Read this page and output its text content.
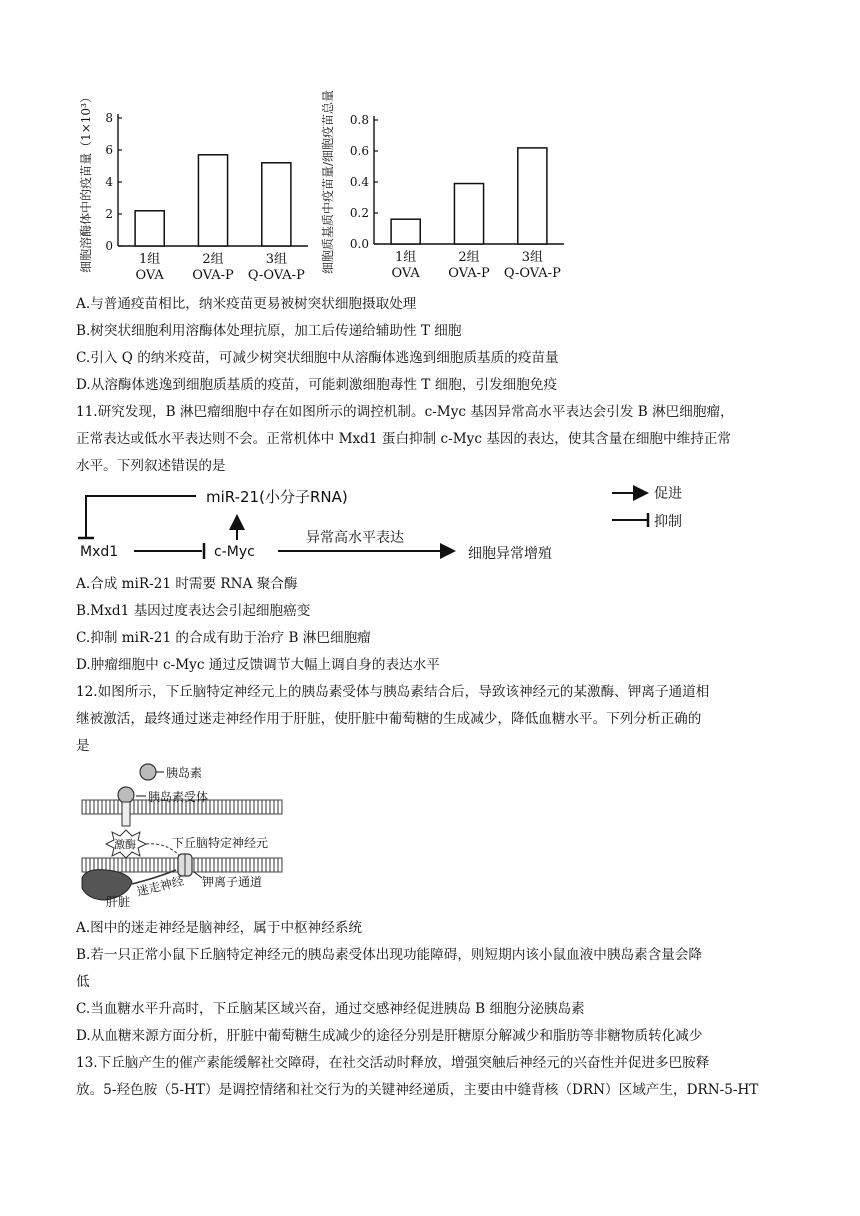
细胞溶酶体中的疫苗量（1×10³） 0
2
4
6
8
1组
OVA
2组
OVA-P
3组
Q-OVA-P
细胞质基质中疫苗量/细胞疫苗总量 0.0
0.2
0.4
0.6
0.8
1组
OVA
2组
OVA-P
3组
Q-OVA-P
A.与普通疫苗相比，纳米疫苗更易被树突状细胞摄取处理
B.树突状细胞利用溶酶体处理抗原，加工后传递给辅助性 T 细胞
C.引入 Q 的纳米疫苗，可减少树突状细胞中从溶酶体逃逸到细胞质基质的疫苗量
D.从溶酶体逃逸到细胞质基质的疫苗，可能刺激细胞毒性 T 细胞，引发细胞免疫
11.研究发现，B 淋巴瘤细胞中存在如图所示的调控机制。c-Myc 基因异常高水平表达会引发 B 淋巴细胞瘤，
正常表达或低水平表达则不会。正常机体中 Mxd1 蛋白抑制 c-Myc 基因的表达，使其含量在细胞中维持正常
水平。下列叙述错误的是
miR-21(小分子RNA)
Mxd1	c-Myc
异常高水平表达
细胞异常增殖
促进
抑制
A.合成 miR-21 时需要 RNA 聚合酶
B.Mxd1 基因过度表达会引起细胞癌变
C.抑制 miR-21 的合成有助于治疗 B 淋巴细胞瘤
D.肿瘤细胞中 c-Myc 通过反馈调节大幅上调自身的表达水平
12.如图所示，下丘脑特定神经元上的胰岛素受体与胰岛素结合后，导致该神经元的某激酶、钾离子通道相
继被激活，最终通过迷走神经作用于肝脏，使肝脏中葡萄糖的生成减少，降低血糖水平。下列分析正确的
是
胰岛素
胰岛素受体
激酶	下丘脑特定神经元
钾离子通道
迷走神经
肝脏
A.图中的迷走神经是脑神经，属于中枢神经系统
B.若一只正常小鼠下丘脑特定神经元的胰岛素受体出现功能障碍，则短期内该小鼠血液中胰岛素含量会降
低
C.当血糖水平升高时，下丘脑某区域兴奋，通过交感神经促进胰岛 B 细胞分泌胰岛素
D.从血糖来源方面分析，肝脏中葡萄糖生成减少的途径分别是肝糖原分解减少和脂肪等非糖物质转化减少
13.下丘脑产生的催产素能缓解社交障碍，在社交活动时释放，增强突触后神经元的兴奋性并促进多巴胺释
放。5-羟色胺（5-HT）是调控情绪和社交行为的关键神经递质，主要由中缝背核（DRN）区域产生，DRN-5-HT
